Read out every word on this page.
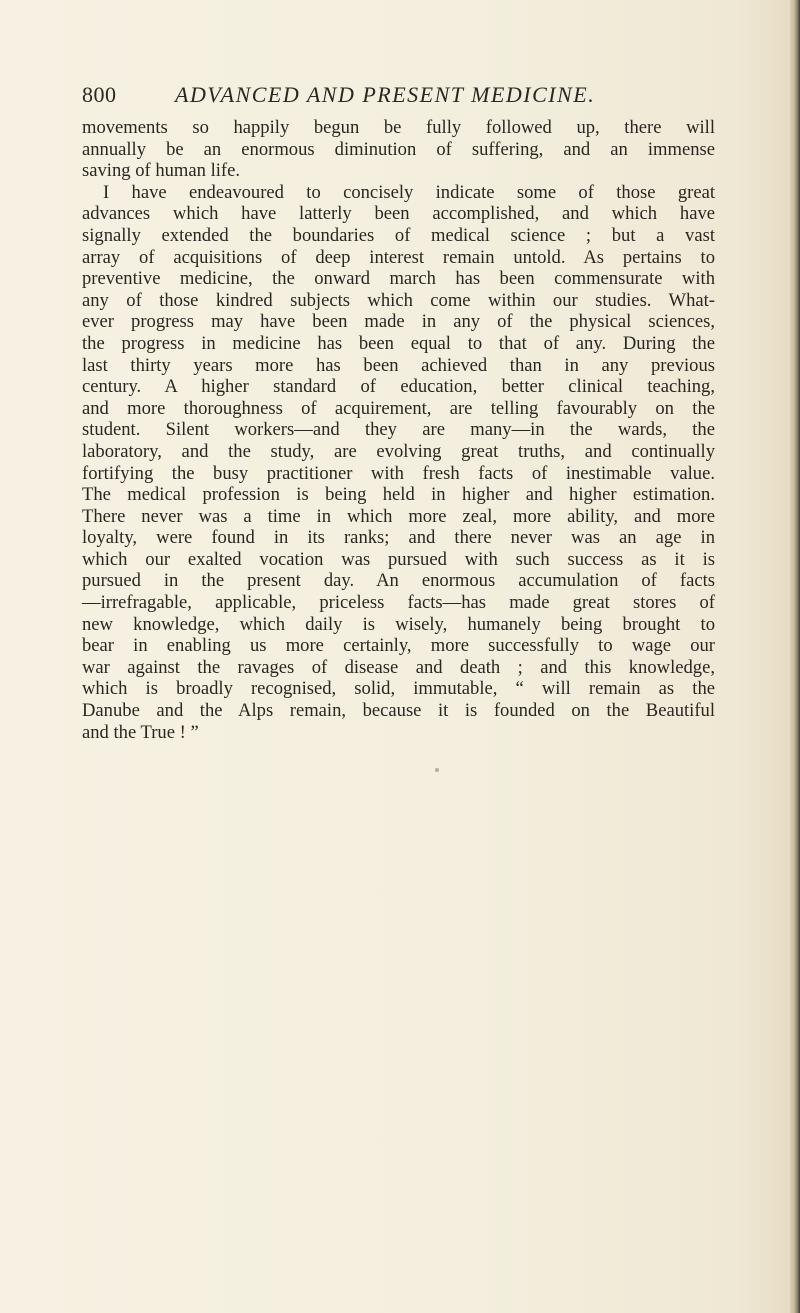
800	ADVANCED AND PRESENT MEDICINE.
movements so happily begun be fully followed up, there will
annually be an enormous diminution of suffering, and an immense
saving of human life.
I have endeavoured to concisely indicate some of those great
advances which have latterly been accomplished, and which have
signally extended the boundaries of medical science ; but a vast
array of acquisitions of deep interest remain untold. As pertains to
preventive medicine, the onward march has been commensurate with
any of those kindred subjects which come within our studies. What-
ever progress may have been made in any of the physical sciences,
the progress in medicine has been equal to that of any. During the
last thirty years more has been achieved than in any previous
century. A higher standard of education, better clinical teaching,
and more thoroughness of acquirement, are telling favourably on the
student. Silent workers—and they are many—in the wards, the
laboratory, and the study, are evolving great truths, and continually
fortifying the busy practitioner with fresh facts of inestimable value.
The medical profession is being held in higher and higher estimation.
There never was a time in which more zeal, more ability, and more
loyalty, were found in its ranks; and there never was an age in
which our exalted vocation was pursued with such success as it is
pursued in the present day. An enormous accumulation of facts
—irrefragable, applicable, priceless facts—has made great stores of
new knowledge, which daily is wisely, humanely being brought to
bear in enabling us more certainly, more successfully to wage our
war against the ravages of disease and death ; and this knowledge,
which is broadly recognised, solid, immutable, “ will remain as the
Danube and the Alps remain, because it is founded on the Beautiful
and the True ! ”
